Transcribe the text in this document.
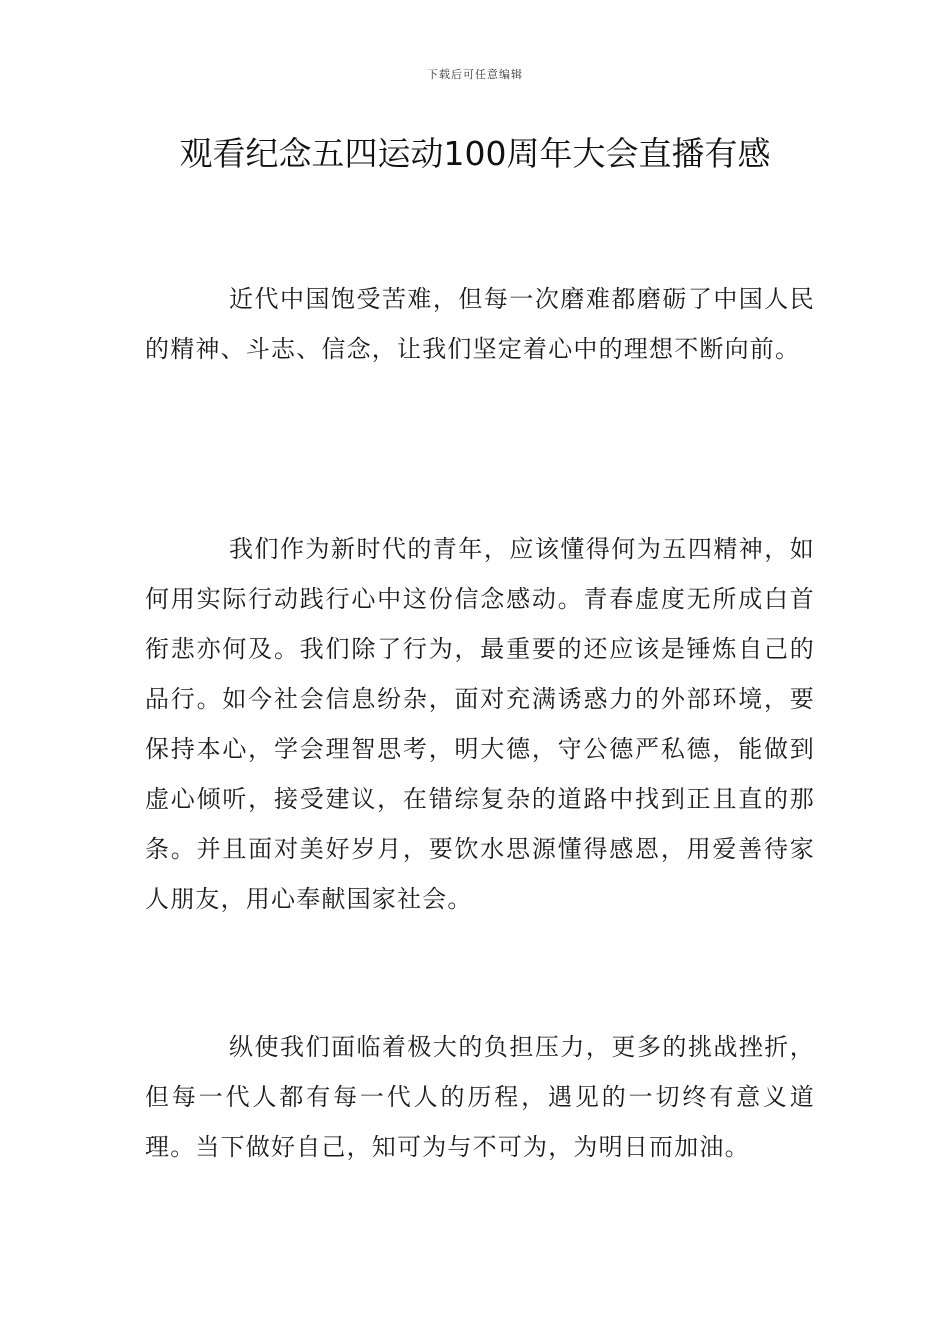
下载后可任意编辑
观看纪念五四运动100周年大会直播有感

近代中国饱受苦难，但每一次磨难都磨砺了中国人民的精神、斗志、信念，让我们坚定着心中的理想不断向前。

我们作为新时代的青年，应该懂得何为五四精神，如何用实际行动践行心中这份信念感动。青春虚度无所成白首衔悲亦何及。我们除了行为，最重要的还应该是锤炼自己的品行。如今社会信息纷杂，面对充满诱惑力的外部环境，要保持本心，学会理智思考，明大德，守公德严私德，能做到虚心倾听，接受建议，在错综复杂的道路中找到正且直的那条。并且面对美好岁月，要饮水思源懂得感恩，用爱善待家人朋友，用心奉献国家社会。

纵使我们面临着极大的负担压力，更多的挑战挫折，但每一代人都有每一代人的历程，遇见的一切终有意义道理。当下做好自己，知可为与不可为，为明日而加油。
